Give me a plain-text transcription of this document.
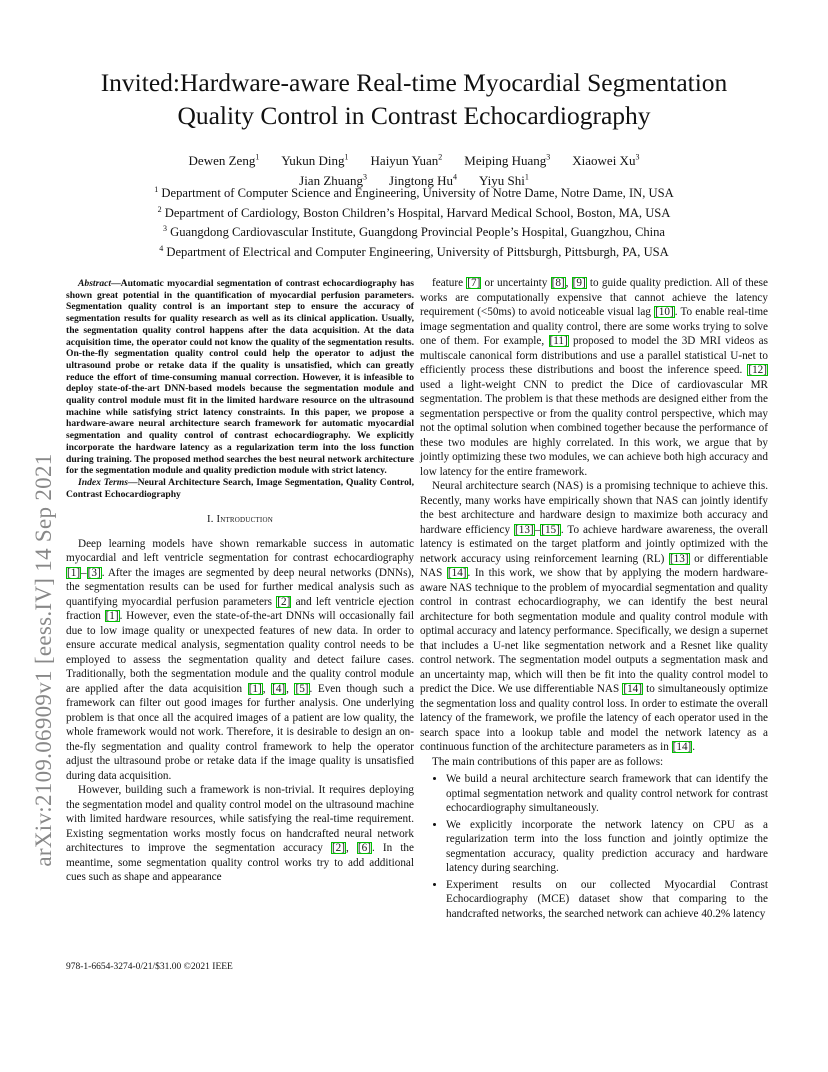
arXiv:2109.06909v1 [eess.IV] 14 Sep 2021
Invited:Hardware-aware Real-time Myocardial Segmentation
Quality Control in Contrast Echocardiography
Dewen Zeng$^1$ Yukun Ding$^1$ Haiyun Yuan$^2$ Meiping Huang$^3$ Xiaowei Xu$^3$
Jian Zhuang$^3$ Jingtong Hu$^4$ Yiyu Shi$^1$
$^1$ Department of Computer Science and Engineering, University of Notre Dame, Notre Dame, IN, USA
$^2$ Department of Cardiology, Boston Children’s Hospital, Harvard Medical School, Boston, MA, USA
$^3$ Guangdong Cardiovascular Institute, Guangdong Provincial People’s Hospital, Guangzhou, China
$^4$ Department of Electrical and Computer Engineering, University of Pittsburgh, Pittsburgh, PA, USA

Abstract—Automatic myocardial segmentation of contrast echocardiography has shown great potential in the quantification of myocardial perfusion parameters. Segmentation quality control is an important step to ensure the accuracy of segmentation results for quality research as well as its clinical application. Usually, the segmentation quality control happens after the data acquisition. At the data acquisition time, the operator could not know the quality of the segmentation results. On-the-fly segmentation quality control could help the operator to adjust the ultrasound probe or retake data if the quality is unsatisfied, which can greatly reduce the effort of time-consuming manual correction. However, it is infeasible to deploy state-of-the-art DNN-based models because the segmentation module and quality control module must fit in the limited hardware resource on the ultrasound machine while satisfying strict latency constraints. In this paper, we propose a hardware-aware neural architecture search framework for automatic myocardial segmentation and quality control of contrast echocardiography. We explicitly incorporate the hardware latency as a regularization term into the loss function during training. The proposed method searches the best neural network architecture for the segmentation module and quality prediction module with strict latency.

Index Terms—Neural Architecture Search, Image Segmentation, Quality Control, Contrast Echocardiography

I. Introduction

Deep learning models have shown remarkable success in automatic myocardial and left ventricle segmentation for contrast echocardiography [1]–[3]. After the images are segmented by deep neural networks (DNNs), the segmentation results can be used for further medical analysis such as quantifying myocardial perfusion parameters [2] and left ventricle ejection fraction [1]. However, even the state-of-the-art DNNs will occasionally fail due to low image quality or unexpected features of new data. In order to ensure accurate medical analysis, segmentation quality control needs to be employed to assess the segmentation quality and detect failure cases. Traditionally, both the segmentation module and the quality control module are applied after the data acquisition [1], [4], [5]. Even though such a framework can filter out good images for further analysis. One underlying problem is that once all the acquired images of a patient are low quality, the whole framework would not work. Therefore, it is desirable to design an on-the-fly segmentation and quality control framework to help the operator adjust the ultrasound probe or retake data if the image quality is unsatisfied during data acquisition.

However, building such a framework is non-trivial. It requires deploying the segmentation model and quality control model on the ultrasound machine with limited hardware resources, while satisfying the real-time requirement. Existing segmentation works mostly focus on handcrafted neural network architectures to improve the segmentation accuracy [2], [6]. In the meantime, some segmentation quality control works try to add additional cues such as shape and appearance

feature [7] or uncertainty [8], [9] to guide quality prediction. All of these works are computationally expensive that cannot achieve the latency requirement (<50ms) to avoid noticeable visual lag [10]. To enable real-time image segmentation and quality control, there are some works trying to solve one of them. For example, [11] proposed to model the 3D MRI videos as multiscale canonical form distributions and use a parallel statistical U-net to efficiently process these distributions and boost the inference speed. [12] used a light-weight CNN to predict the Dice of cardiovascular MR segmentation. The problem is that these methods are designed either from the segmentation perspective or from the quality control perspective, which may not the optimal solution when combined together because the performance of these two modules are highly correlated. In this work, we argue that by jointly optimizing these two modules, we can achieve both high accuracy and low latency for the entire framework.

Neural architecture search (NAS) is a promising technique to achieve this. Recently, many works have empirically shown that NAS can jointly identify the best architecture and hardware design to maximize both accuracy and hardware efficiency [13]–[15]. To achieve hardware awareness, the overall latency is estimated on the target platform and jointly optimized with the network accuracy using reinforcement learning (RL) [13] or differentiable NAS [14]. In this work, we show that by applying the modern hardware-aware NAS technique to the problem of myocardial segmentation and quality control in contrast echocardiography, we can identify the best neural architecture for both segmentation module and quality control module with optimal accuracy and latency performance. Specifically, we design a supernet that includes a U-net like segmentation network and a Resnet like quality control network. The segmentation model outputs a segmentation mask and an uncertainty map, which will then be fit into the quality control model to predict the Dice. We use differentiable NAS [14] to simultaneously optimize the segmentation loss and quality control loss. In order to estimate the overall latency of the framework, we profile the latency of each operator used in the search space into a lookup table and model the network latency as a continuous function of the architecture parameters as in [14].

The main contributions of this paper are as follows:

• We build a neural architecture search framework that can identify the optimal segmentation network and quality control network for contrast echocardiography simultaneously.
• We explicitly incorporate the network latency on CPU as a regularization term into the loss function and jointly optimize the segmentation accuracy, quality prediction accuracy and hardware latency during searching.
• Experiment results on our collected Myocardial Contrast Echocardiography (MCE) dataset show that comparing to the handcrafted networks, the searched network can achieve 40.2% latency
978-1-6654-3274-0/21/$31.00 ©2021 IEEE
